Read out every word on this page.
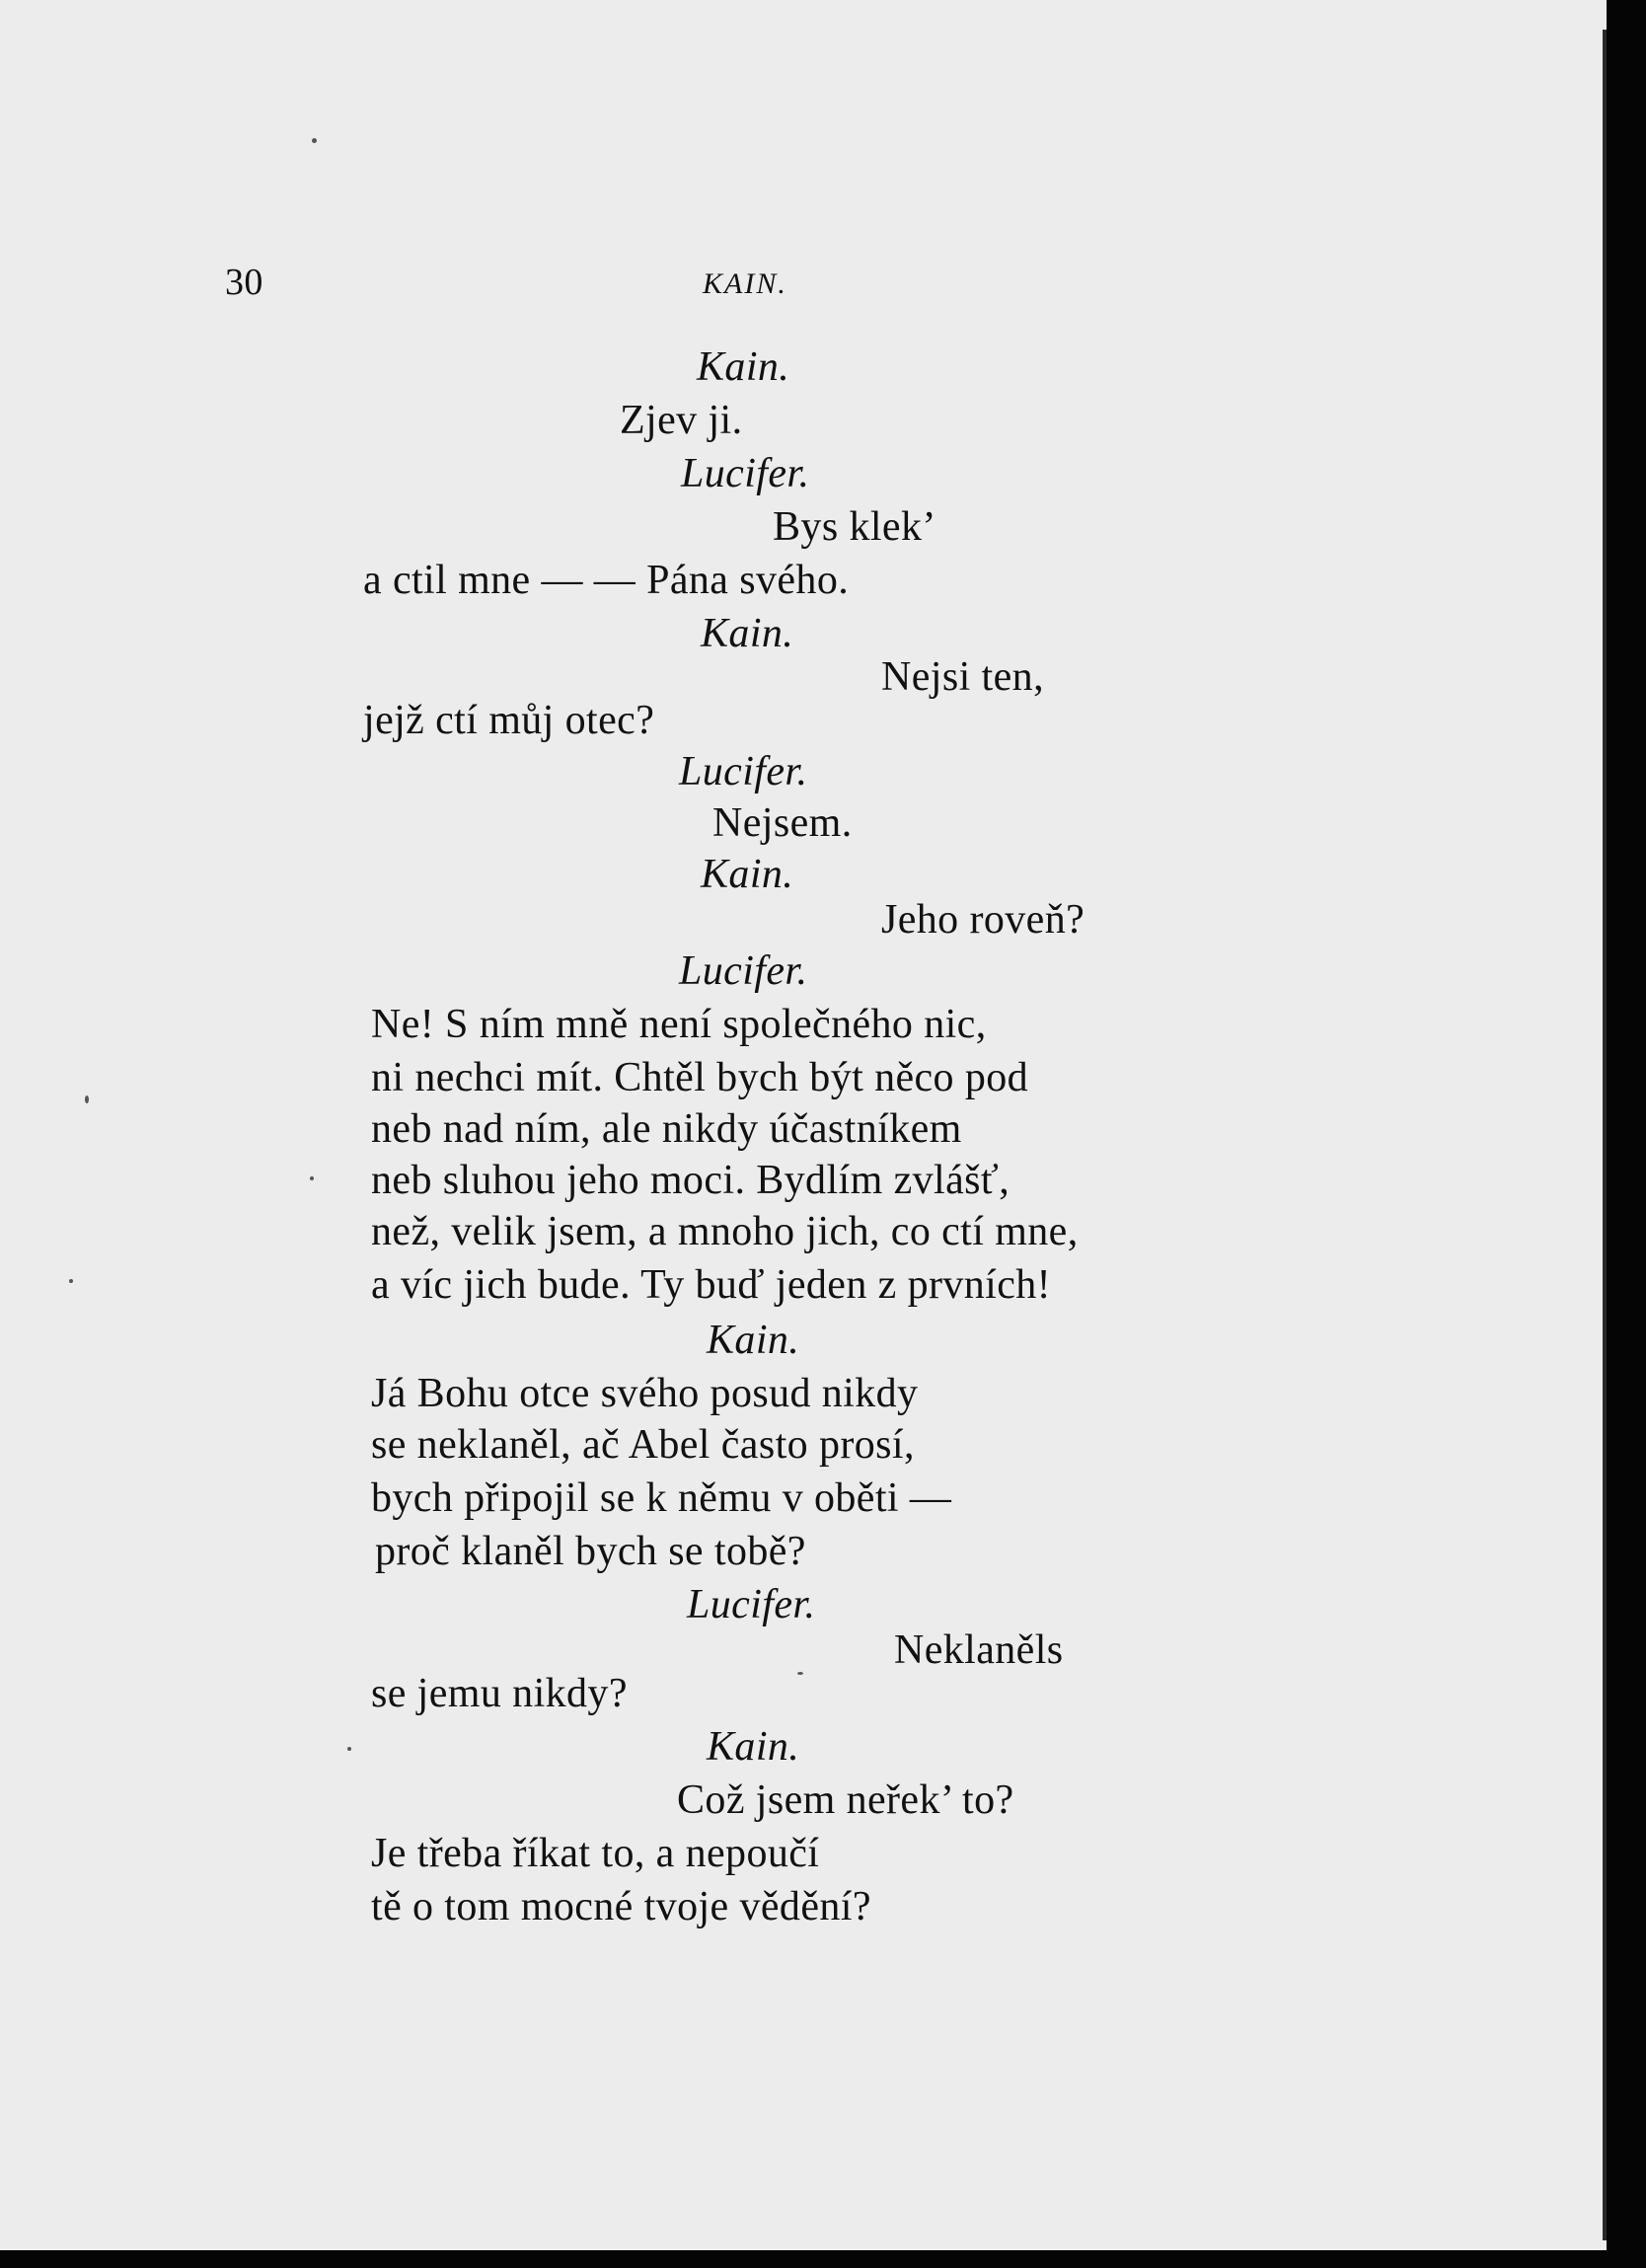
30	KAIN.
Kain.
Zjev ji.
Lucifer.
Bys klek’
a ctil mne — — Pána svého.
Kain.
Nejsi ten,
jejž ctí můj otec?
Lucifer.
Nejsem.
Kain.
Jeho roveň?
Lucifer.
Ne! S ním mně není společného nic,
ni nechci mít. Chtěl bych být něco pod
neb nad ním, ale nikdy účastníkem
neb sluhou jeho moci. Bydlím zvlášť,
než, velik jsem, a mnoho jich, co ctí mne,
a víc jich bude. Ty buď jeden z prvních!
Kain.
Já Bohu otce svého posud nikdy
se neklaněl, ač Abel často prosí,
bych připojil se k němu v oběti —
proč klaněl bych se tobě?
Lucifer.
Neklaněls
se jemu nikdy?
Kain.
Což jsem neřek’ to?
Je třeba říkat to, a nepoučí
tě o tom mocné tvoje vědění?
